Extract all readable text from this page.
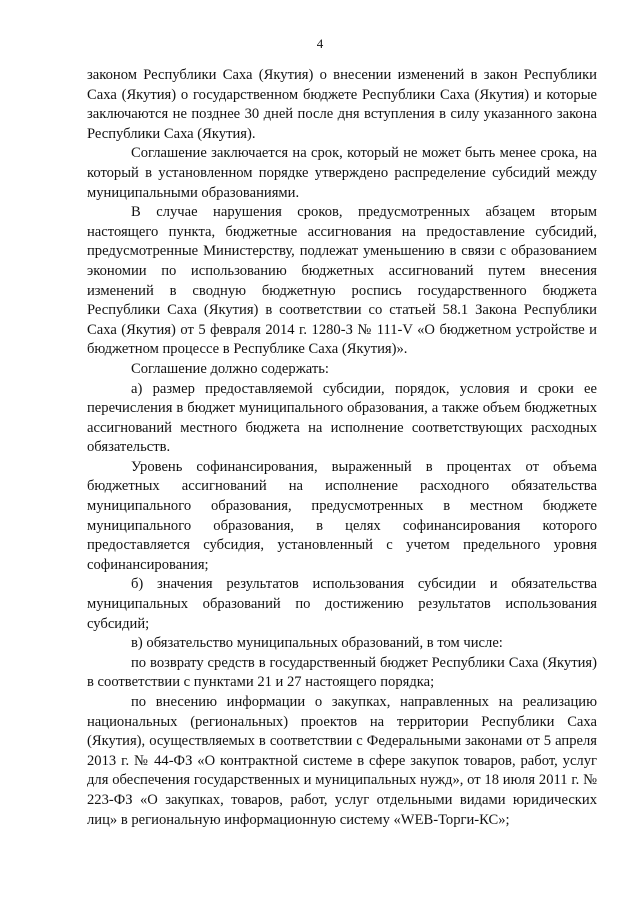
4

законом Республики Саха (Якутия) о внесении изменений в закон Республики Саха (Якутия) о государственном бюджете Республики Саха (Якутия) и которые заключаются не позднее 30 дней после дня вступления в силу указанного закона Республики Саха (Якутия).

Соглашение заключается на срок, который не может быть менее срока, на который в установленном порядке утверждено распределение субсидий между муниципальными образованиями.

В случае нарушения сроков, предусмотренных абзацем вторым настоящего пункта, бюджетные ассигнования на предоставление субсидий, предусмотренные Министерству, подлежат уменьшению в связи с образованием экономии по использованию бюджетных ассигнований путем внесения изменений в сводную бюджетную роспись государственного бюджета Республики Саха (Якутия) в соответствии со статьей 58.1 Закона Республики Саха (Якутия) от 5 февраля 2014 г. 1280-З № 111-V «О бюджетном устройстве и бюджетном процессе в Республике Саха (Якутия)».

Соглашение должно содержать:

а) размер предоставляемой субсидии, порядок, условия и сроки ее перечисления в бюджет муниципального образования, а также объем бюджетных ассигнований местного бюджета на исполнение соответствующих расходных обязательств.

Уровень софинансирования, выраженный в процентах от объема бюджетных ассигнований на исполнение расходного обязательства муниципального образования, предусмотренных в местном бюджете муниципального образования, в целях софинансирования которого предоставляется субсидия, установленный с учетом предельного уровня софинансирования;

б) значения результатов использования субсидии и обязательства муниципальных образований по достижению результатов использования субсидий;

в) обязательство муниципальных образований, в том числе:

по возврату средств в государственный бюджет Республики Саха (Якутия) в соответствии с пунктами 21 и 27 настоящего порядка;

по внесению информации о закупках, направленных на реализацию национальных (региональных) проектов на территории Республики Саха (Якутия), осуществляемых в соответствии с Федеральными законами от 5 апреля 2013 г. № 44-ФЗ «О контрактной системе в сфере закупок товаров, работ, услуг для обеспечения государственных и муниципальных нужд», от 18 июля 2011 г. № 223-ФЗ «О закупках, товаров, работ, услуг отдельными видами юридических лиц» в региональную информационную систему «WEB-Торги-КС»;
